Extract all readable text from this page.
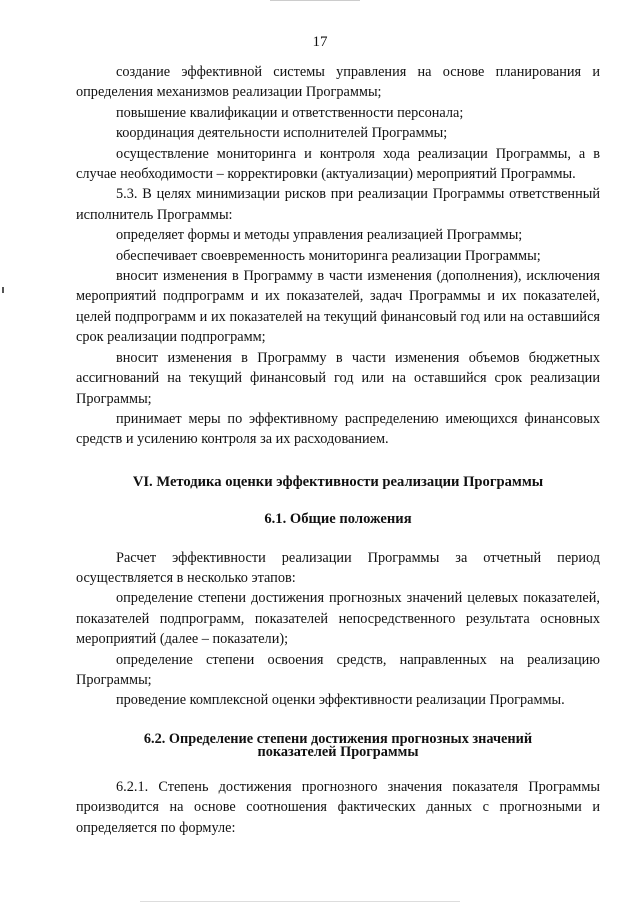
17

создание эффективной системы управления на основе планирования и определения механизмов реализации Программы;

повышение квалификации и ответственности персонала;

координация деятельности исполнителей Программы;

осуществление мониторинга и контроля хода реализации Программы, а в случае необходимости – корректировки (актуализации) мероприятий Программы.

5.3. В целях минимизации рисков при реализации Программы ответственный исполнитель Программы:

определяет формы и методы управления реализацией Программы;

обеспечивает своевременность мониторинга реализации Программы;

вносит изменения в Программу в части изменения (дополнения), исключения мероприятий подпрограмм и их показателей, задач Программы и их показателей, целей подпрограмм и их показателей на текущий финансовый год или на оставшийся срок реализации подпрограмм;

вносит изменения в Программу в части изменения объемов бюджетных ассигнований на текущий финансовый год или на оставшийся срок реализации Программы;

принимает меры по эффективному распределению имеющихся финансовых средств и усилению контроля за их расходованием.

VI. Методика оценки эффективности реализации Программы

6.1. Общие положения

Расчет эффективности реализации Программы за отчетный период осуществляется в несколько этапов:

определение степени достижения прогнозных значений целевых показателей, показателей подпрограмм, показателей непосредственного результата основных мероприятий (далее – показатели);

определение степени освоения средств, направленных на реализацию Программы;

проведение комплексной оценки эффективности реализации Программы.

6.2. Определение степени достижения прогнозных значений

показателей Программы

6.2.1. Степень достижения прогнозного значения показателя Программы производится на основе соотношения фактических данных с прогнозными и определяется по формуле:
